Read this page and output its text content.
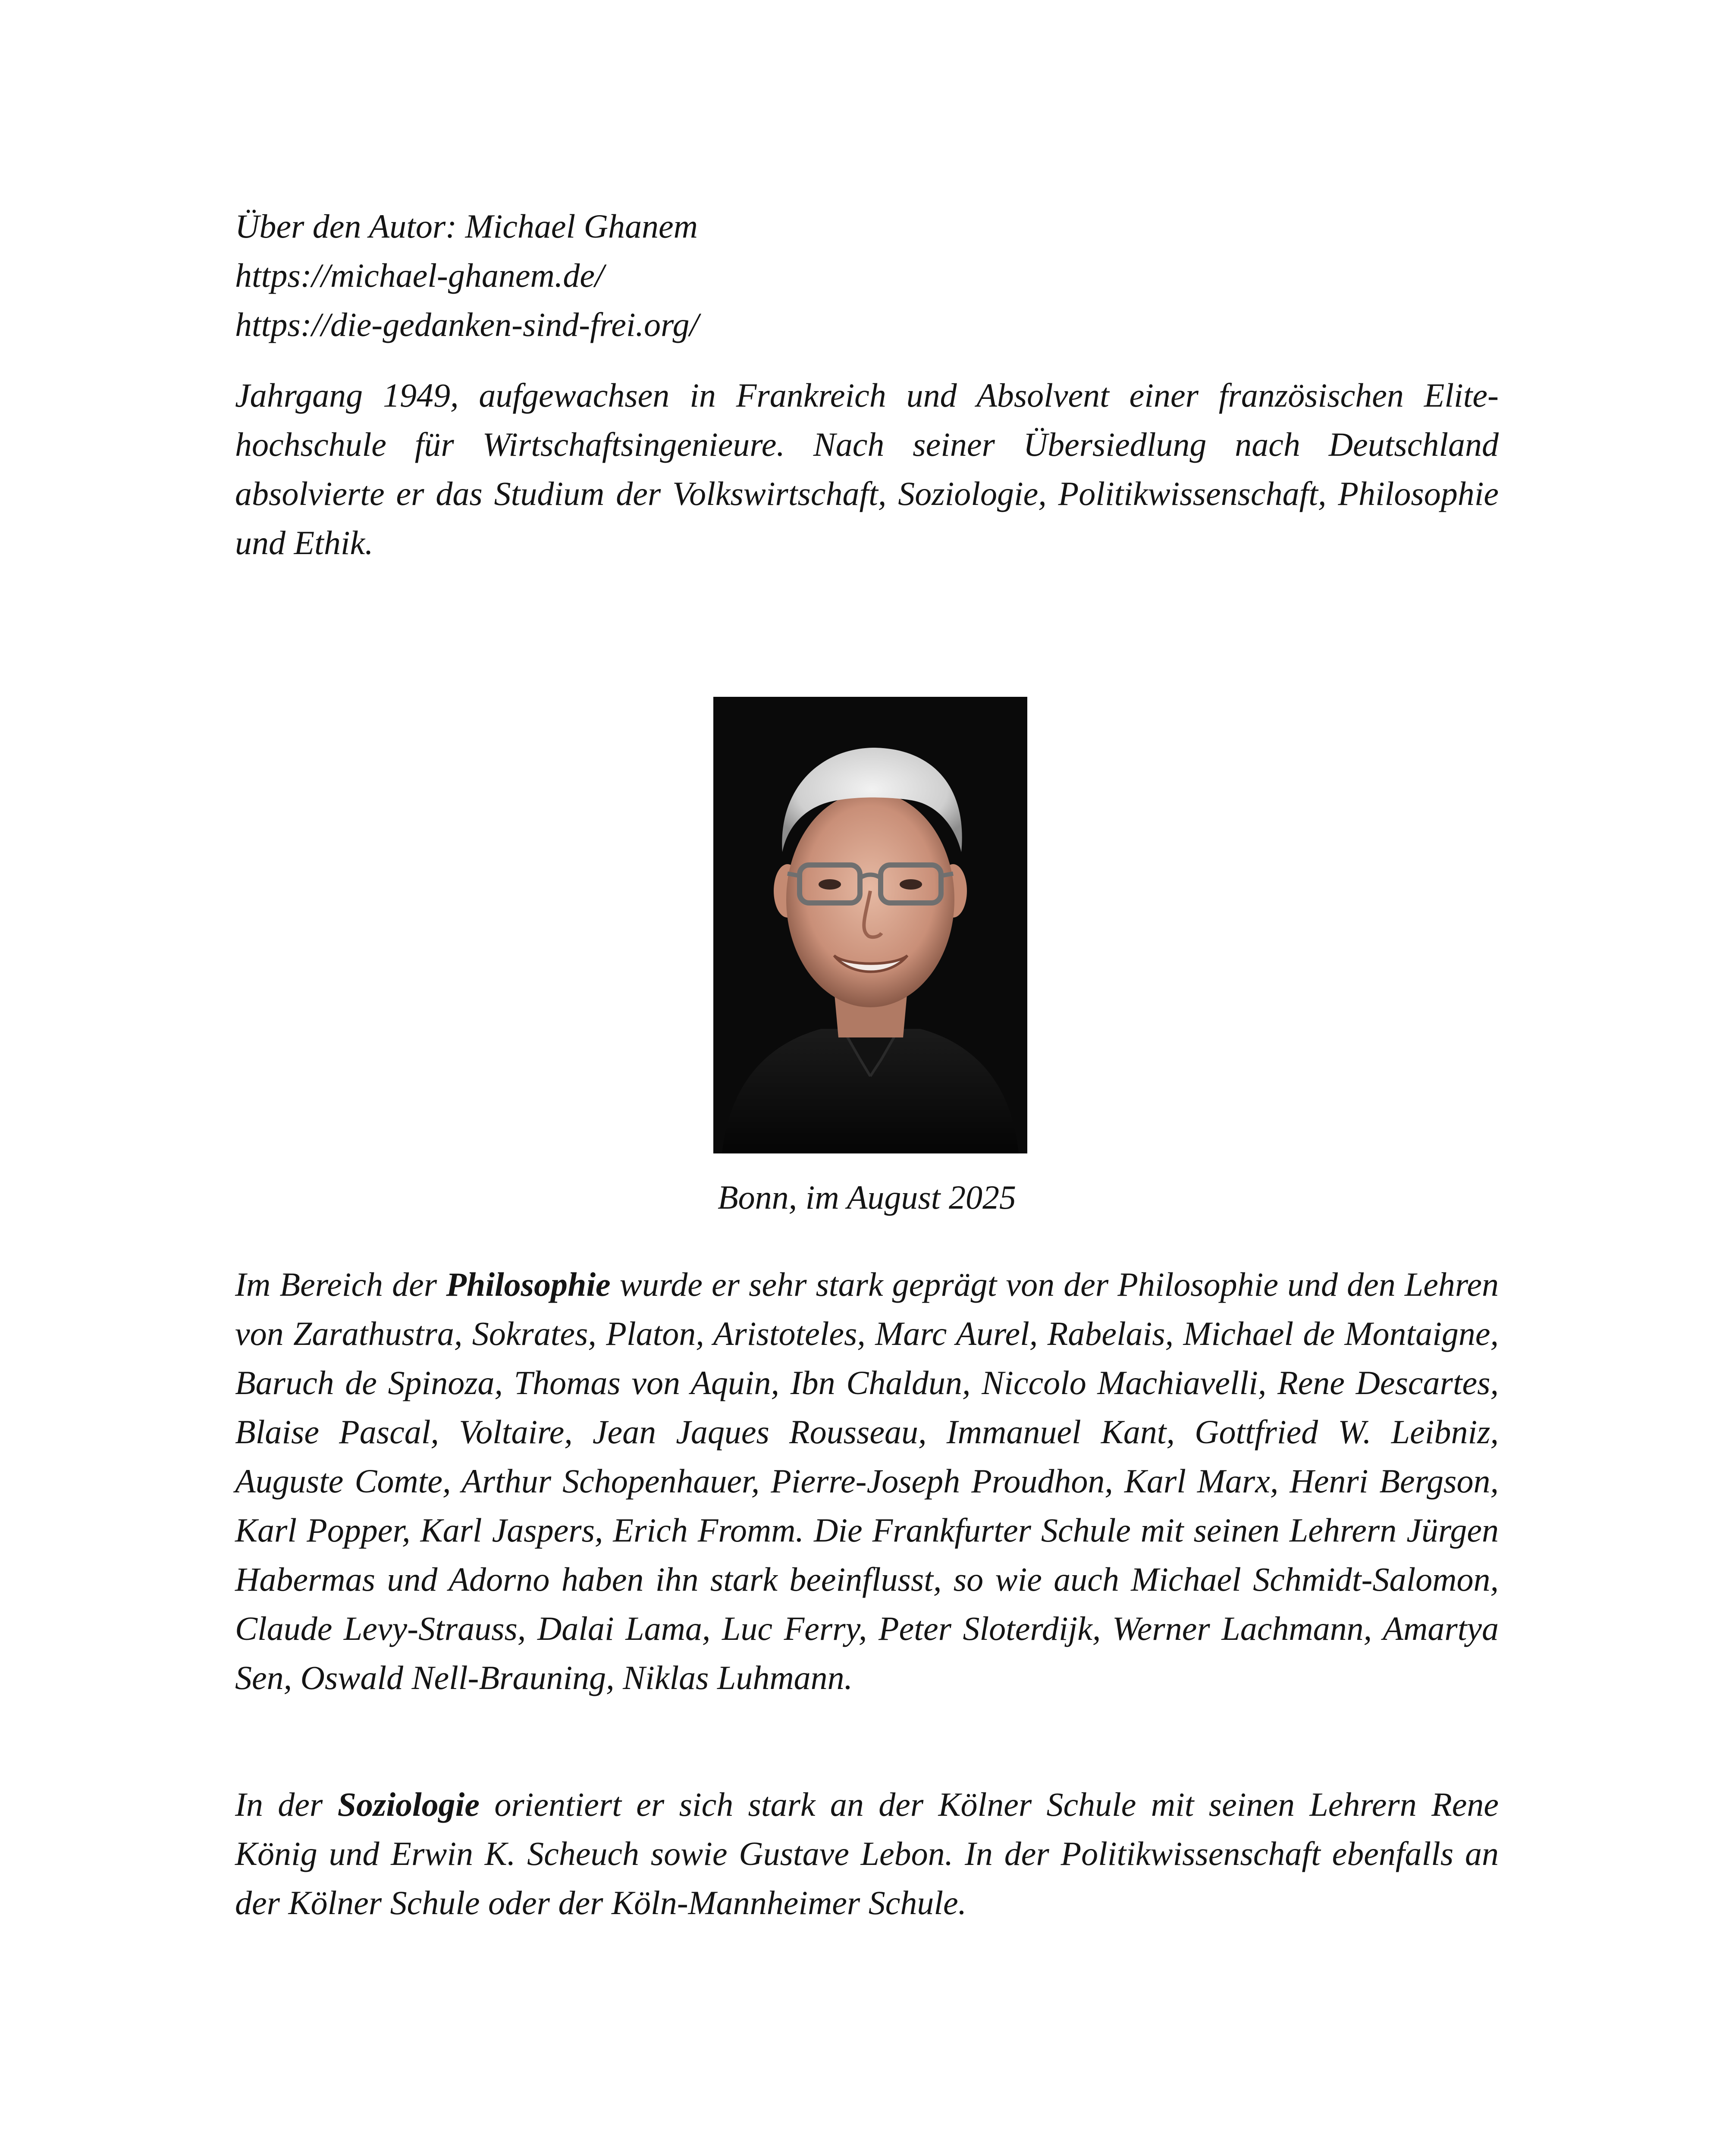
Über den Autor: Michael Ghanem
https://michael-ghanem.de/
https://die-gedanken-sind-frei.org/

Jahrgang 1949, aufgewachsen in Frankreich und Absolvent einer französischen Elitehochschule für Wirtschaftsingenieure. Nach seiner Übersiedlung nach Deutschland absolvierte er das Studium der Volkswirtschaft, Soziologie, Politikwissenschaft, Philosophie und Ethik.

Bonn, im August 2025

Im Bereich der Philosophie wurde er sehr stark geprägt von der Philosophie und den Lehren von Zarathustra, Sokrates, Platon, Aristoteles, Marc Aurel, Rabelais, Michael de Montaigne, Baruch de Spinoza, Thomas von Aquin, Ibn Chaldun, Niccolo Machiavelli, Rene Descartes, Blaise Pascal, Voltaire, Jean Jaques Rousseau, Immanuel Kant, Gottfried W. Leibniz, Auguste Comte, Arthur Schopenhauer, Pierre-Joseph Proudhon, Karl Marx, Henri Bergson, Karl Popper, Karl Jaspers, Erich Fromm. Die Frankfurter Schule mit seinen Lehrern Jürgen Habermas und Adorno haben ihn stark beeinflusst, so wie auch Michael Schmidt-Salomon, Claude Levy-Strauss, Dalai Lama, Luc Ferry, Peter Sloterdijk, Werner Lachmann, Amartya Sen, Oswald Nell-Brauning, Niklas Luhmann.

In der Soziologie orientiert er sich stark an der Kölner Schule mit seinen Lehrern Rene König und Erwin K. Scheuch sowie Gustave Lebon. In der Politikwissenschaft ebenfalls an der Kölner Schule oder der Köln-Mannheimer Schule.
